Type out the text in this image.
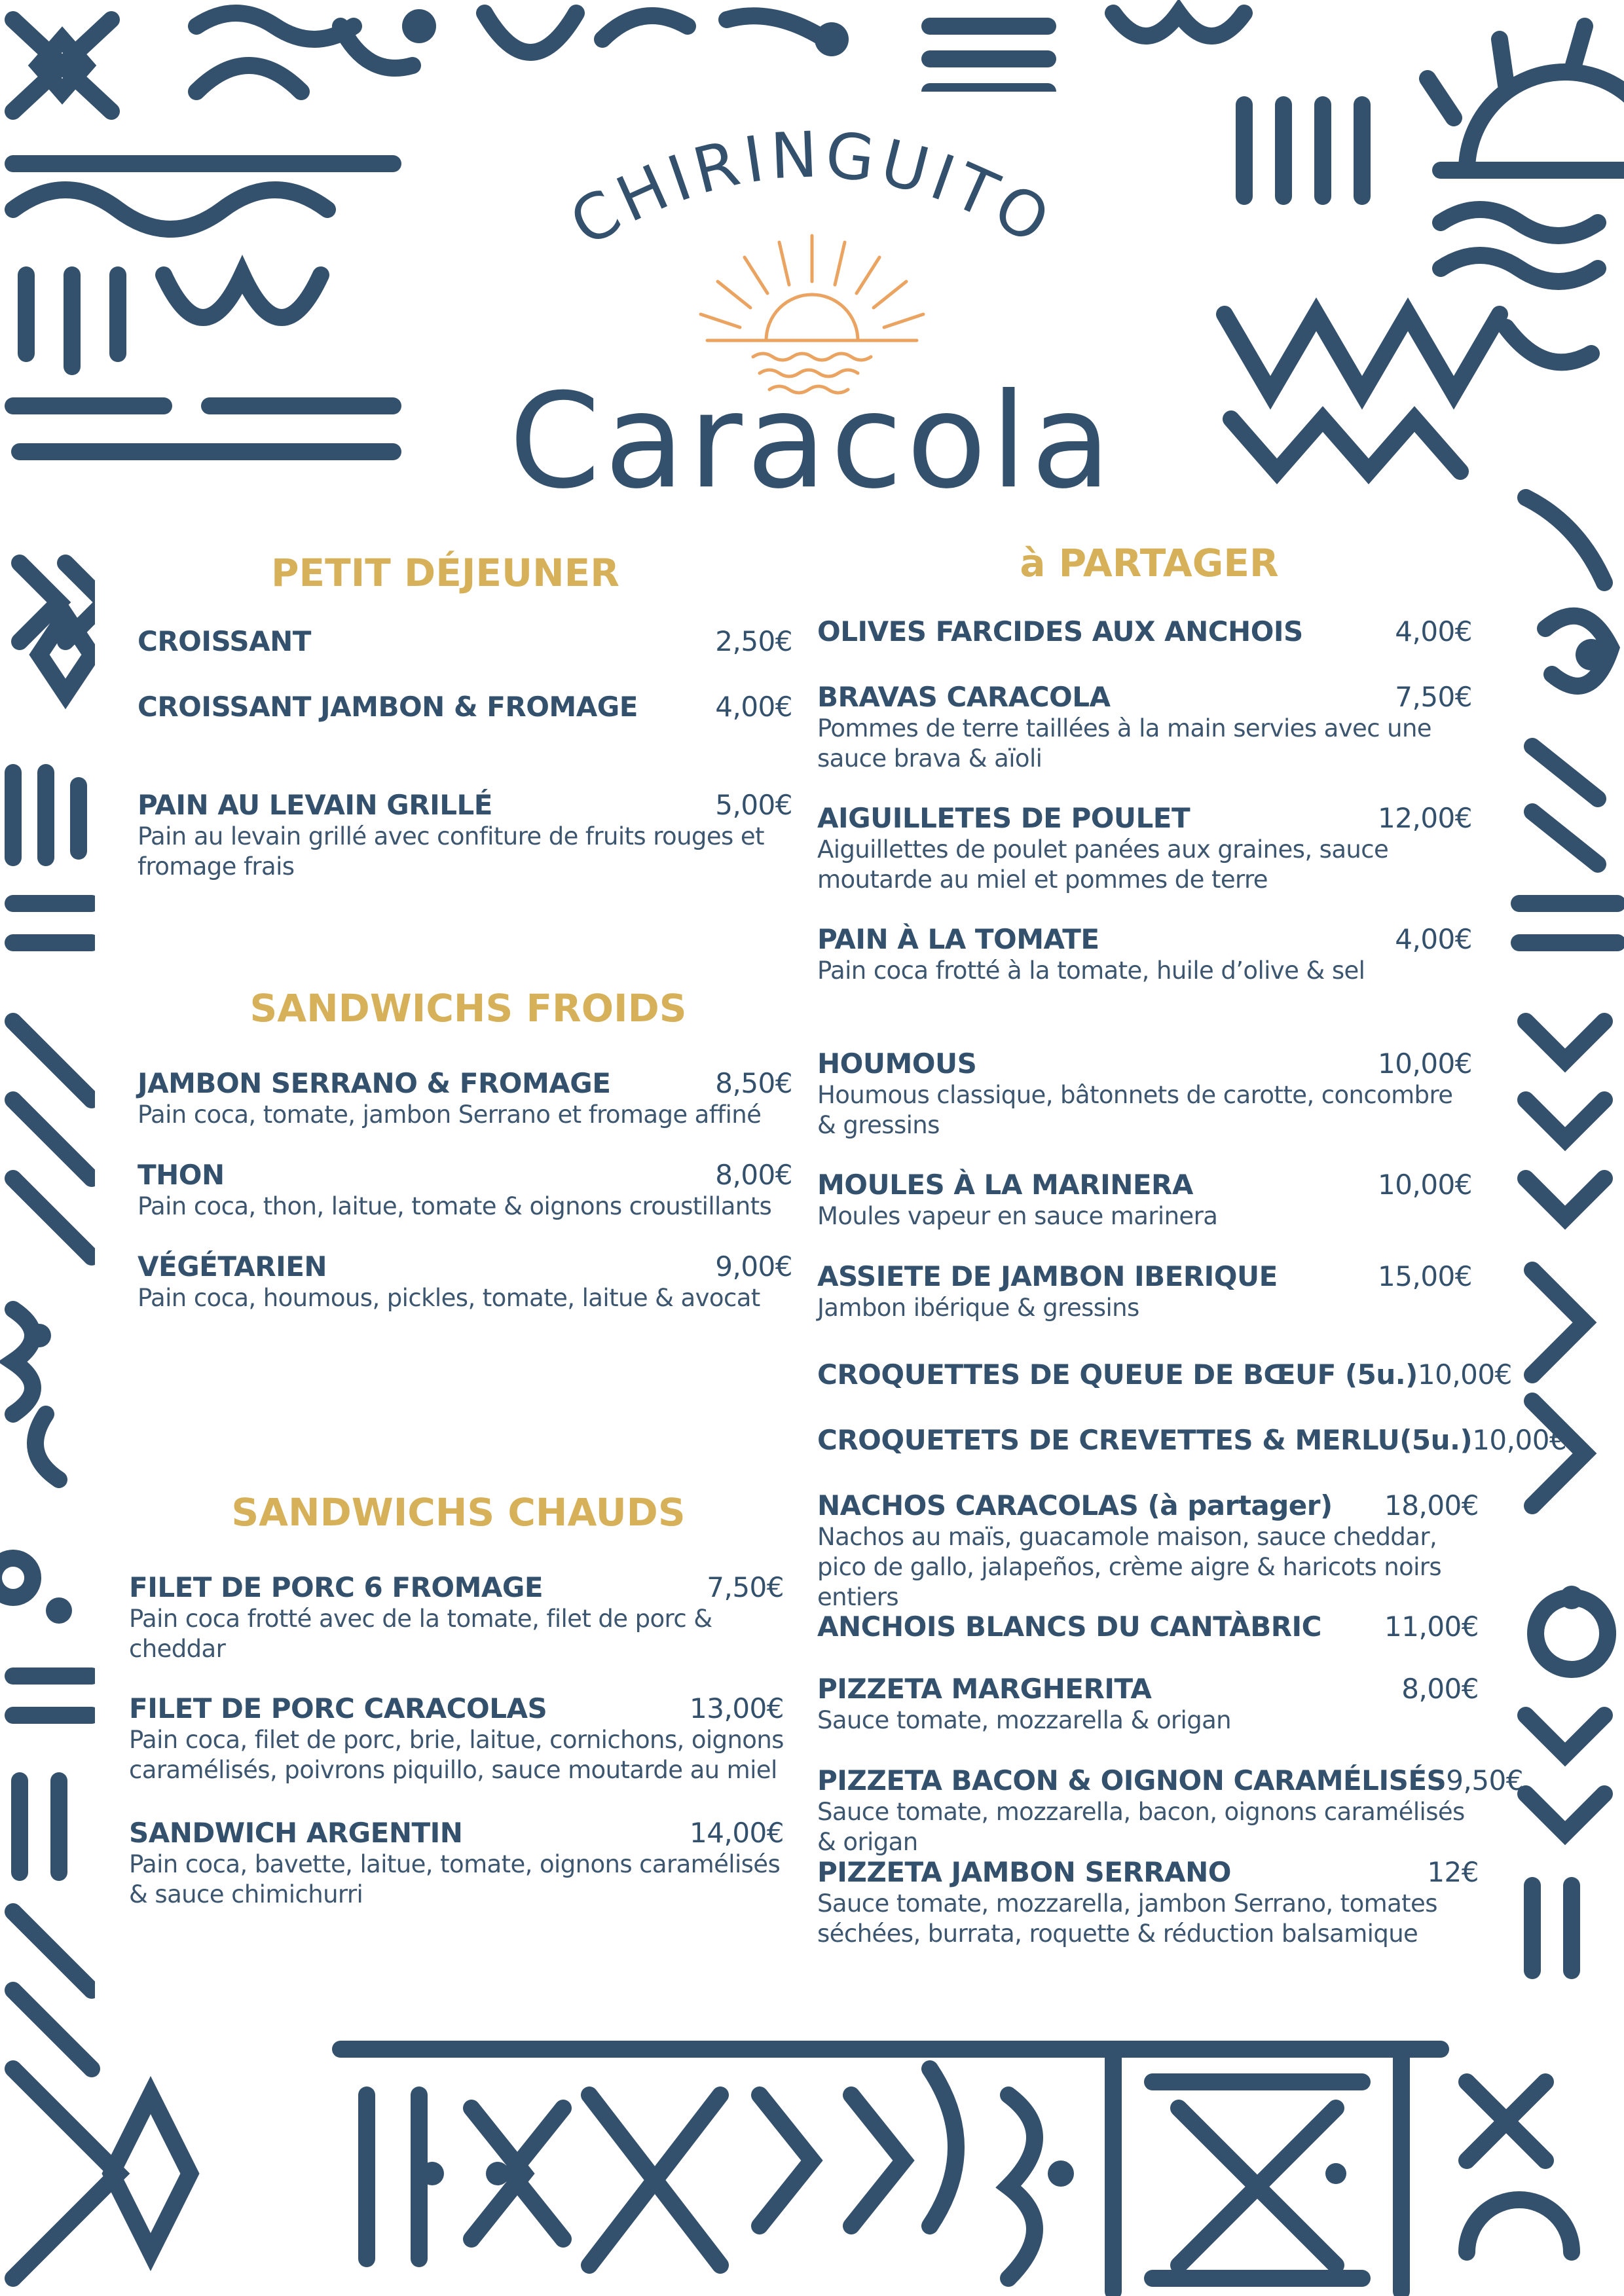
CHIRINGUITO
Caracola
PETIT DÉJEUNER
CROISSANT	2,50€
CROISSANT JAMBON & FROMAGE	4,00€
PAIN AU LEVAIN GRILLÉ	5,00€
Pain au levain grillé avec confiture de fruits rouges et fromage frais
SANDWICHS FROIDS
JAMBON SERRANO & FROMAGE	8,50€
Pain coca, tomate, jambon Serrano et fromage affiné
THON	8,00€
Pain coca, thon, laitue, tomate & oignons croustillants
VÉGÉTARIEN	9,00€
Pain coca, houmous, pickles, tomate, laitue & avocat
SANDWICHS CHAUDS
FILET DE PORC 6 FROMAGE	7,50€
Pain coca frotté avec de la tomate, filet de porc & cheddar
FILET DE PORC CARACOLAS	13,00€
Pain coca, filet de porc, brie, laitue, cornichons, oignons caramélisés, poivrons piquillo, sauce moutarde au miel
SANDWICH ARGENTIN	14,00€
Pain coca, bavette, laitue, tomate, oignons caramélisés & sauce chimichurri
à PARTAGER
OLIVES FARCIDES AUX ANCHOIS	4,00€
BRAVAS CARACOLA	7,50€
Pommes de terre taillées à la main servies avec une sauce brava & aïoli
AIGUILLETES DE POULET	12,00€
Aiguillettes de poulet panées aux graines, sauce moutarde au miel et pommes de terre
PAIN À LA TOMATE	4,00€
Pain coca frotté à la tomate, huile d’olive & sel
HOUMOUS	10,00€
Houmous classique, bâtonnets de carotte, concombre & gressins
MOULES À LA MARINERA	10,00€
Moules vapeur en sauce marinera
ASSIETE DE JAMBON IBERIQUE	15,00€
Jambon ibérique & gressins
CROQUETTES DE QUEUE DE BŒUF (5u.) 10,00€
CROQUETETS DE CREVETTES & MERLU(5u.) 10,00€
NACHOS CARACOLAS (à partager) 18,00€
Nachos au maïs, guacamole maison, sauce cheddar, pico de gallo, jalapeños, crème aigre & haricots noirs entiers
ANCHOIS BLANCS DU CANTÀBRIC 11,00€
PIZZETA MARGHERITA	8,00€
Sauce tomate, mozzarella & origan
PIZZETA BACON & OIGNON CARAMÉLISÉS 9,50€
Sauce tomate, mozzarella, bacon, oignons caramélisés & origan
PIZZETA JAMBON SERRANO	12€
Sauce tomate, mozzarella, jambon Serrano, tomates séchées, burrata, roquette & réduction balsamique
